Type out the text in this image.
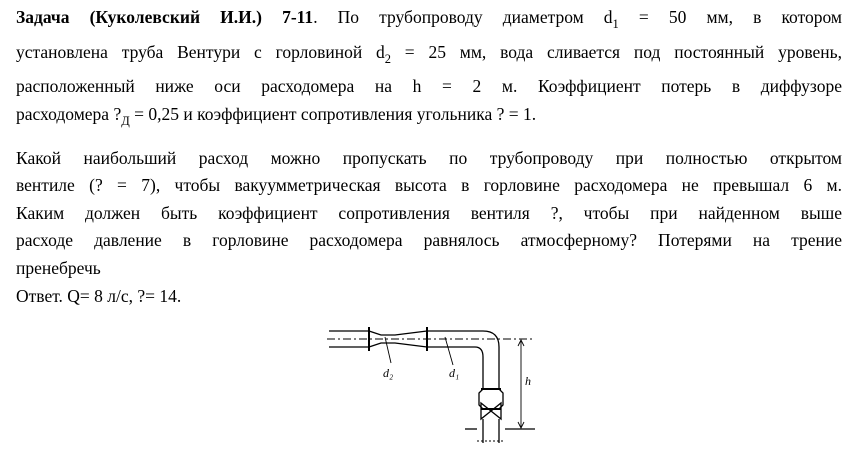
Задача (Куколевский И.И.) 7-11. По трубопроводу диаметром $d_1 = 50$ мм, в котором
установлена труба Вентури с горловиной $d_2 = 25$ мм, вода сливается под постоянный уровень,
расположенный ниже оси расходомера на h = 2 м. Коэффициент потерь в диффузоре
расходомера $?_Д = 0,25$ и коэффициент сопротивления угольника ? = 1.
Какой наибольший расход можно пропускать по трубопроводу при полностью открытом
вентиле (? = 7), чтобы вакуумметрическая высота в горловине расходомера не превышал 6 м.
Каким должен быть коэффициент сопротивления вентиля ?, чтобы при найденном выше
расходе давление в горловине расходомера равнялось атмосферному? Потерями на трение
пренебречь
Ответ. Q= 8 л/с, ?= 14.
d₂	d₁
h
